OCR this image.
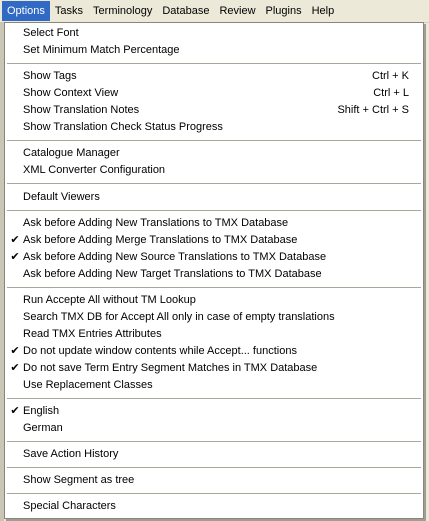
Options Tasks Terminology Database Review Plugins Help
Select Font
Set Minimum Match Percentage
Show Tags	Ctrl + K
Show Context View	Ctrl + L
Show Translation Notes	Shift + Ctrl + S
Show Translation Check Status Progress
Catalogue Manager
XML Converter Configuration
Default Viewers
Ask before Adding New Translations to TMX Database
✔ Ask before Adding Merge Translations to TMX Database
✔ Ask before Adding New Source Translations to TMX Database
Ask before Adding New Target Translations to TMX Database
Run Accepte All without TM Lookup
Search TMX DB for Accept All only in case of empty translations
Read TMX Entries Attributes
✔ Do not update window contents while Accept... functions
✔ Do not save Term Entry Segment Matches in TMX Database
Use Replacement Classes
✔ English
German
Save Action History
Show Segment as tree
Special Characters
